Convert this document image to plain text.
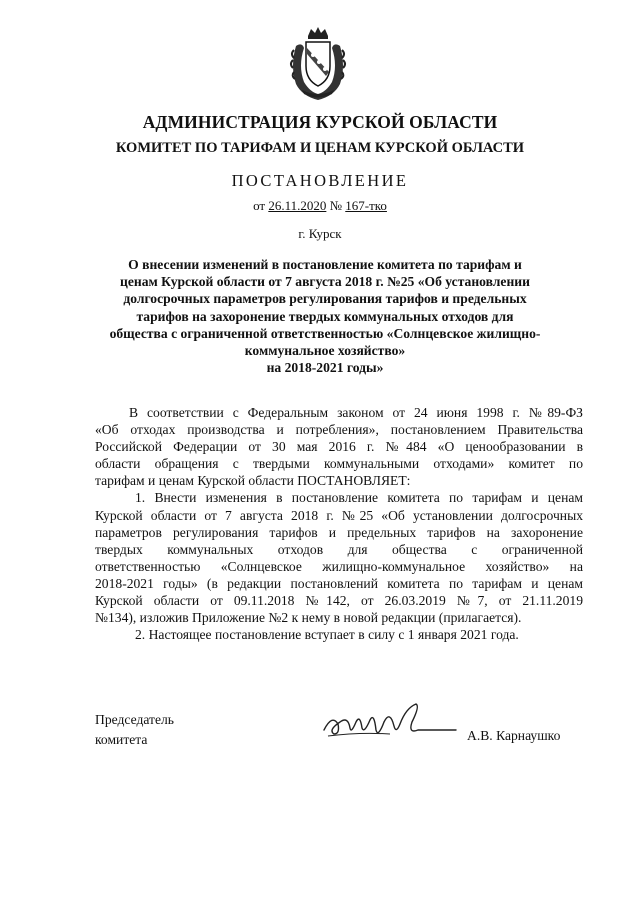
АДМИНИСТРАЦИЯ КУРСКОЙ ОБЛАСТИ
КОМИТЕТ ПО ТАРИФАМ И ЦЕНАМ КУРСКОЙ ОБЛАСТИ
ПОСТАНОВЛЕНИЕ
от 26.11.2020 № 167-тко
г. Курск
О внесении изменений в постановление комитета по тарифам и
ценам Курской области от 7 августа 2018 г. №25 «Об установлении
долгосрочных параметров регулирования тарифов и предельных
тарифов на захоронение твердых коммунальных отходов для
общества с ограниченной ответственностью «Солнцевское жилищно-
коммунальное хозяйство»
на 2018-2021 годы»
В соответствии с Федеральным законом от 24 июня 1998 г. №89-ФЗ
«Об отходах производства и потребления», постановлением Правительства
Российской Федерации от 30 мая 2016 г. №484 «О ценообразовании в
области обращения с твердыми коммунальными отходами» комитет по
тарифам и ценам Курской области ПОСТАНОВЛЯЕТ:
1. Внести изменения в постановление комитета по тарифам и ценам
Курской области от 7 августа 2018 г. №25 «Об установлении долгосрочных
параметров регулирования тарифов и предельных тарифов на захоронение
твердых коммунальных отходов для общества с ограниченной
ответственностью «Солнцевское жилищно-коммунальное хозяйство» на
2018-2021 годы» (в редакции постановлений комитета по тарифам и ценам
Курской области от 09.11.2018 №142, от 26.03.2019 №7, от 21.11.2019
№134), изложив Приложение №2 к нему в новой редакции (прилагается).
2. Настоящее постановление вступает в силу с 1 января 2021 года.
Председатель
комитета	А.В. Карнаушко
